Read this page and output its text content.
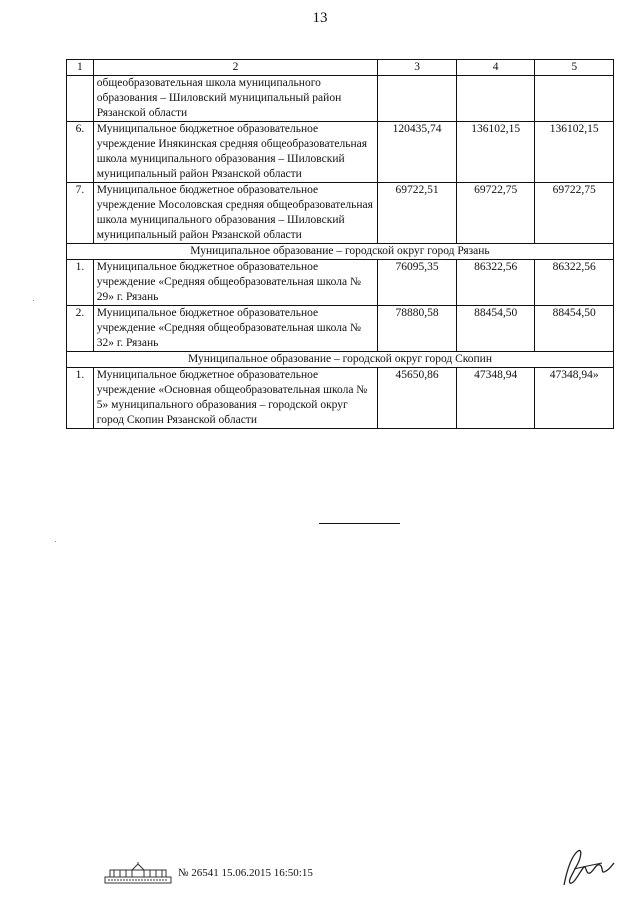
13
1	2	3	4	5
	общеобразовательная школа муниципального образования – Шиловский муниципальный район Рязанской области			
6.	Муниципальное бюджетное образовательное учреждение Инякинская средняя общеобразовательная школа муниципального образования – Шиловский муниципальный район Рязанской области	120435,74	136102,15	136102,15
7.	Муниципальное бюджетное образовательное учреждение Мосоловская средняя общеобразовательная школа муниципального образования – Шиловский муниципальный район Рязанской области	69722,51	69722,75	69722,75
Муниципальное образование – городской округ город Рязань				
1.	Муниципальное бюджетное образовательное учреждение «Средняя общеобразовательная школа № 29» г. Рязань	76095,35	86322,56	86322,56
2.	Муниципальное бюджетное образовательное учреждение «Средняя общеобразовательная школа № 32» г. Рязань	78880,58	88454,50	88454,50
Муниципальное образование – городской округ город Скопин				
1.	Муниципальное бюджетное образовательное учреждение «Основная общеобразовательная школа № 5» муниципального образования – городской округ город Скопин Рязанской области	45650,86	47348,94	47348,94»
№ 26541 15.06.2015 16:50:15
